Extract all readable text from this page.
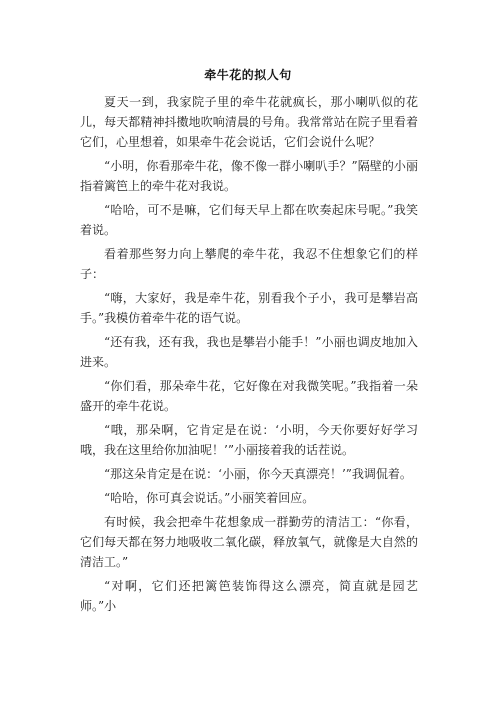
牵牛花的拟人句

夏天一到，我家院子里的牵牛花就疯长，那小喇叭似的花儿，每天都精神抖擞地吹响清晨的号角。我常常站在院子里看着它们，心里想着，如果牵牛花会说话，它们会说什么呢？

“小明，你看那牵牛花，像不像一群小喇叭手？”隔壁的小丽指着篱笆上的牵牛花对我说。

“哈哈，可不是嘛，它们每天早上都在吹奏起床号呢。”我笑着说。

看着那些努力向上攀爬的牵牛花，我忍不住想象它们的样子：

“嗨，大家好，我是牵牛花，别看我个子小，我可是攀岩高手。”我模仿着牵牛花的语气说。

“还有我，还有我，我也是攀岩小能手！”小丽也调皮地加入进来。

“你们看，那朵牵牛花，它好像在对我微笑呢。”我指着一朵盛开的牵牛花说。

“哦，那朵啊，它肯定是在说：‘小明，今天你要好好学习哦，我在这里给你加油呢！’”小丽接着我的话茬说。

“那这朵肯定是在说：‘小丽，你今天真漂亮！’”我调侃着。

“哈哈，你可真会说话。”小丽笑着回应。

有时候，我会把牵牛花想象成一群勤劳的清洁工：“你看，它们每天都在努力地吸收二氧化碳，释放氧气，就像是大自然的清洁工。”

“对啊，它们还把篱笆装饰得这么漂亮，简直就是园艺师。”小
